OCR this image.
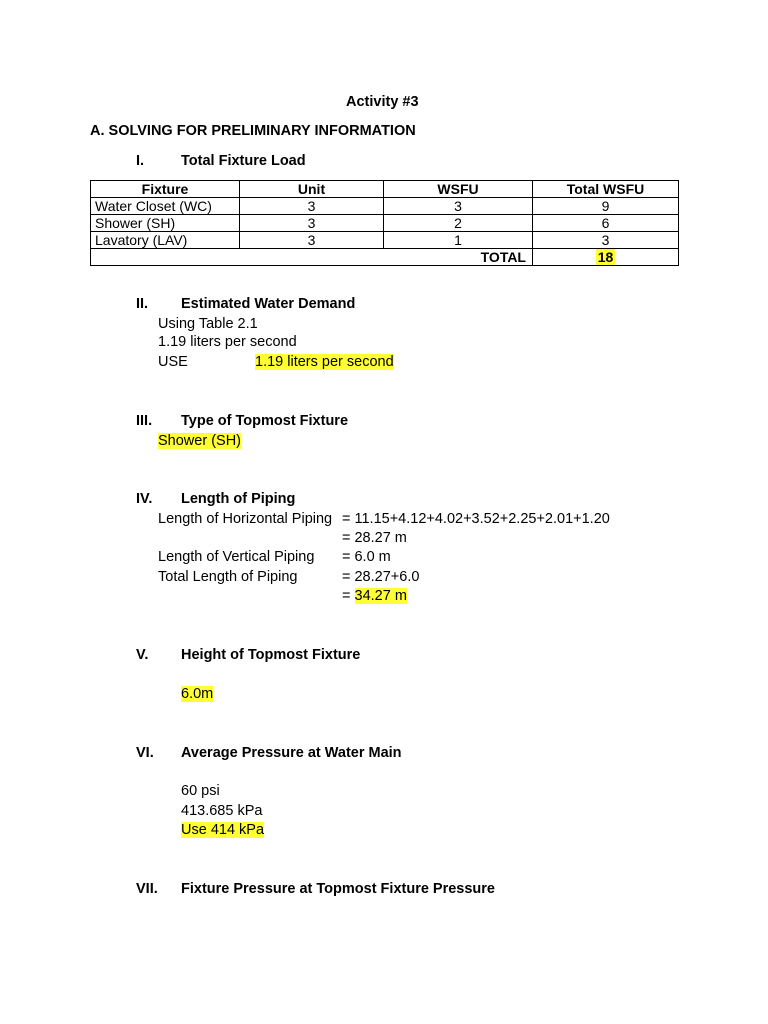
Activity #3
A. SOLVING FOR PRELIMINARY INFORMATION
I.	Total Fixture Load
Fixture	Unit	WSFU	Total WSFU
Water Closet (WC)	3	3	9
Shower (SH)	3	2	6
Lavatory (LAV)	3	1	3
TOTAL			18
II. Estimated Water Demand
Using Table 2.1
1.19 liters per second
USE	1.19 liters per second
III. Type of Topmost Fixture
Shower (SH)
IV. Length of Piping
Length of Horizontal Piping = 11.15+4.12+4.02+3.52+2.25+2.01+1.20
= 28.27 m
Length of Vertical Piping = 6.0 m
Total Length of Piping	= 28.27+6.0
= 34.27 m
V. Height of Topmost Fixture
6.0m
VI. Average Pressure at Water Main
60 psi
413.685 kPa
Use 414 kPa
VII. Fixture Pressure at Topmost Fixture Pressure
